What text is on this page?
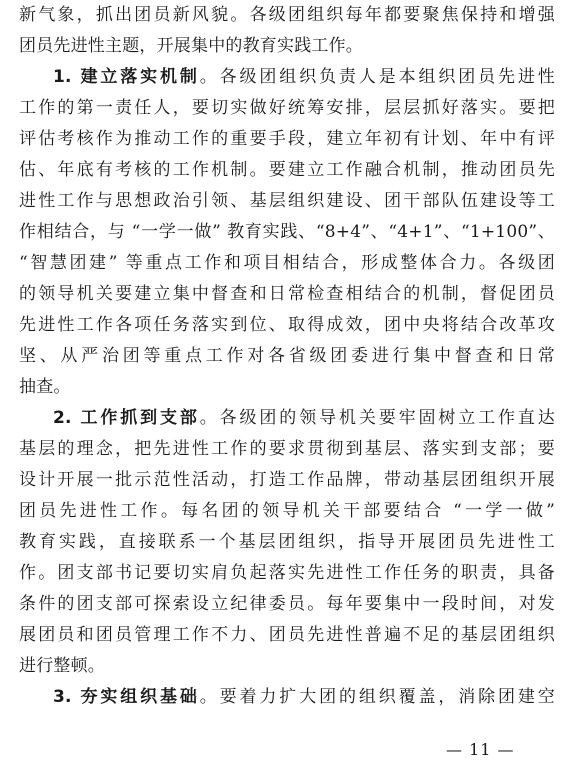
新气象，抓出团员新风貌。各级团组织每年都要聚焦保持和增强
团员先进性主题，开展集中的教育实践工作。
1. 建立落实机制。各级团组织负责人是本组织团员先进性
工作的第一责任人，要切实做好统筹安排，层层抓好落实。要把
评估考核作为推动工作的重要手段，建立年初有计划、年中有评
估、年底有考核的工作机制。要建立工作融合机制，推动团员先
进性工作与思想政治引领、基层组织建设、团干部队伍建设等工
作相结合，与 “一学一做” 教育实践、“8+4”、“4+1”、“1+100”、
“智慧团建” 等重点工作和项目相结合，形成整体合力。各级团
的领导机关要建立集中督查和日常检查相结合的机制，督促团员
先进性工作各项任务落实到位、取得成效，团中央将结合改革攻
坚、从严治团等重点工作对各省级团委进行集中督查和日常
抽查。
2. 工作抓到支部。各级团的领导机关要牢固树立工作直达
基层的理念，把先进性工作的要求贯彻到基层、落实到支部；要
设计开展一批示范性活动，打造工作品牌，带动基层团组织开展
团员先进性工作。每名团的领导机关干部要结合 “一学一做”
教育实践，直接联系一个基层团组织，指导开展团员先进性工
作。团支部书记要切实肩负起落实先进性工作任务的职责，具备
条件的团支部可探索设立纪律委员。每年要集中一段时间，对发
展团员和团员管理工作不力、团员先进性普遍不足的基层团组织
进行整顿。
3. 夯实组织基础。要着力扩大团的组织覆盖，消除团建空
— 11 —
